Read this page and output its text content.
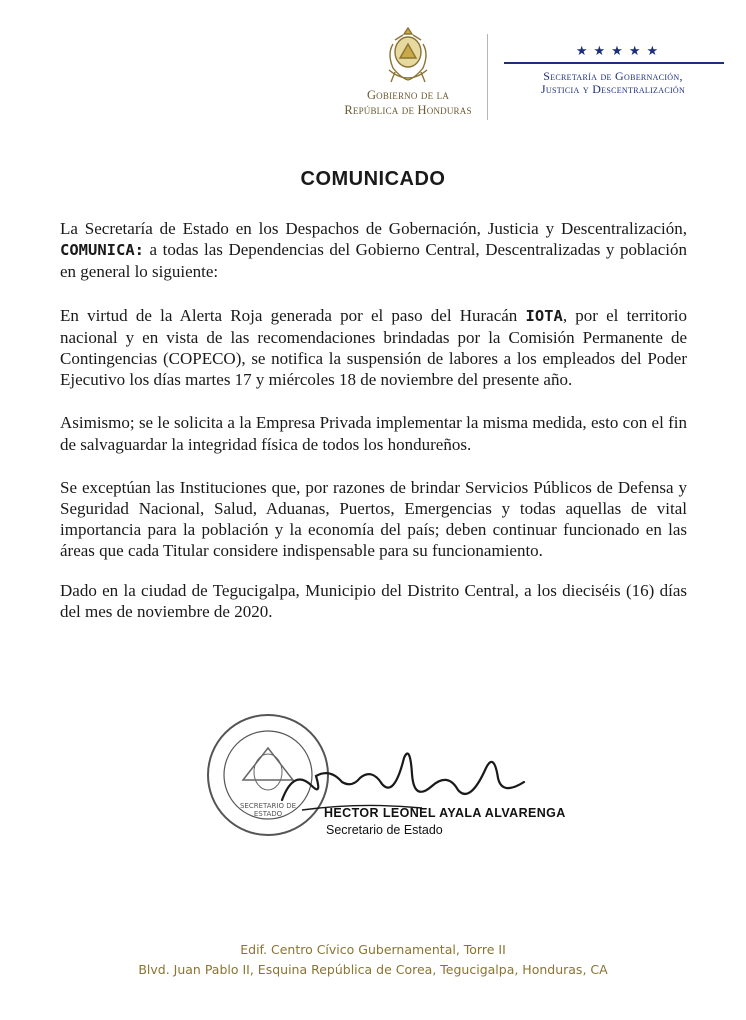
Gobierno de la
República de Honduras
★★★★★
Secretaría de Gobernación,
Justicia y Descentralización
COMUNICADO

La Secretaría de Estado en los Despachos de Gobernación, Justicia y Descentralización, COMUNICA: a todas las Dependencias del Gobierno Central, Descentralizadas y población en general lo siguiente:

En virtud de la Alerta Roja generada por el paso del Huracán IOTA, por el territorio nacional y en vista de las recomendaciones brindadas por la Comisión Permanente de Contingencias (COPECO), se notifica la suspensión de labores a los empleados del Poder Ejecutivo los días martes 17 y miércoles 18 de noviembre del presente año.

Asimismo; se le solicita a la Empresa Privada implementar la misma medida, esto con el fin de salvaguardar la integridad física de todos los hondureños.

Se exceptúan las Instituciones que, por razones de brindar Servicios Públicos de Defensa y Seguridad Nacional, Salud, Aduanas, Puertos, Emergencias y todas aquellas de vital importancia para la población y la economía del país; deben continuar funcionado en las áreas que cada Titular considere indispensable para su funcionamiento.

Dado en la ciudad de Tegucigalpa, Municipio del Distrito Central, a los dieciséis (16) días del mes de noviembre de 2020.

SECRETARIO DE
ESTADO	HECTOR LEONEL AYALA ALVARENGA
Secretario de Estado
Edif. Centro Cívico Gubernamental, Torre II
Blvd. Juan Pablo II, Esquina República de Corea, Tegucigalpa, Honduras, CA
